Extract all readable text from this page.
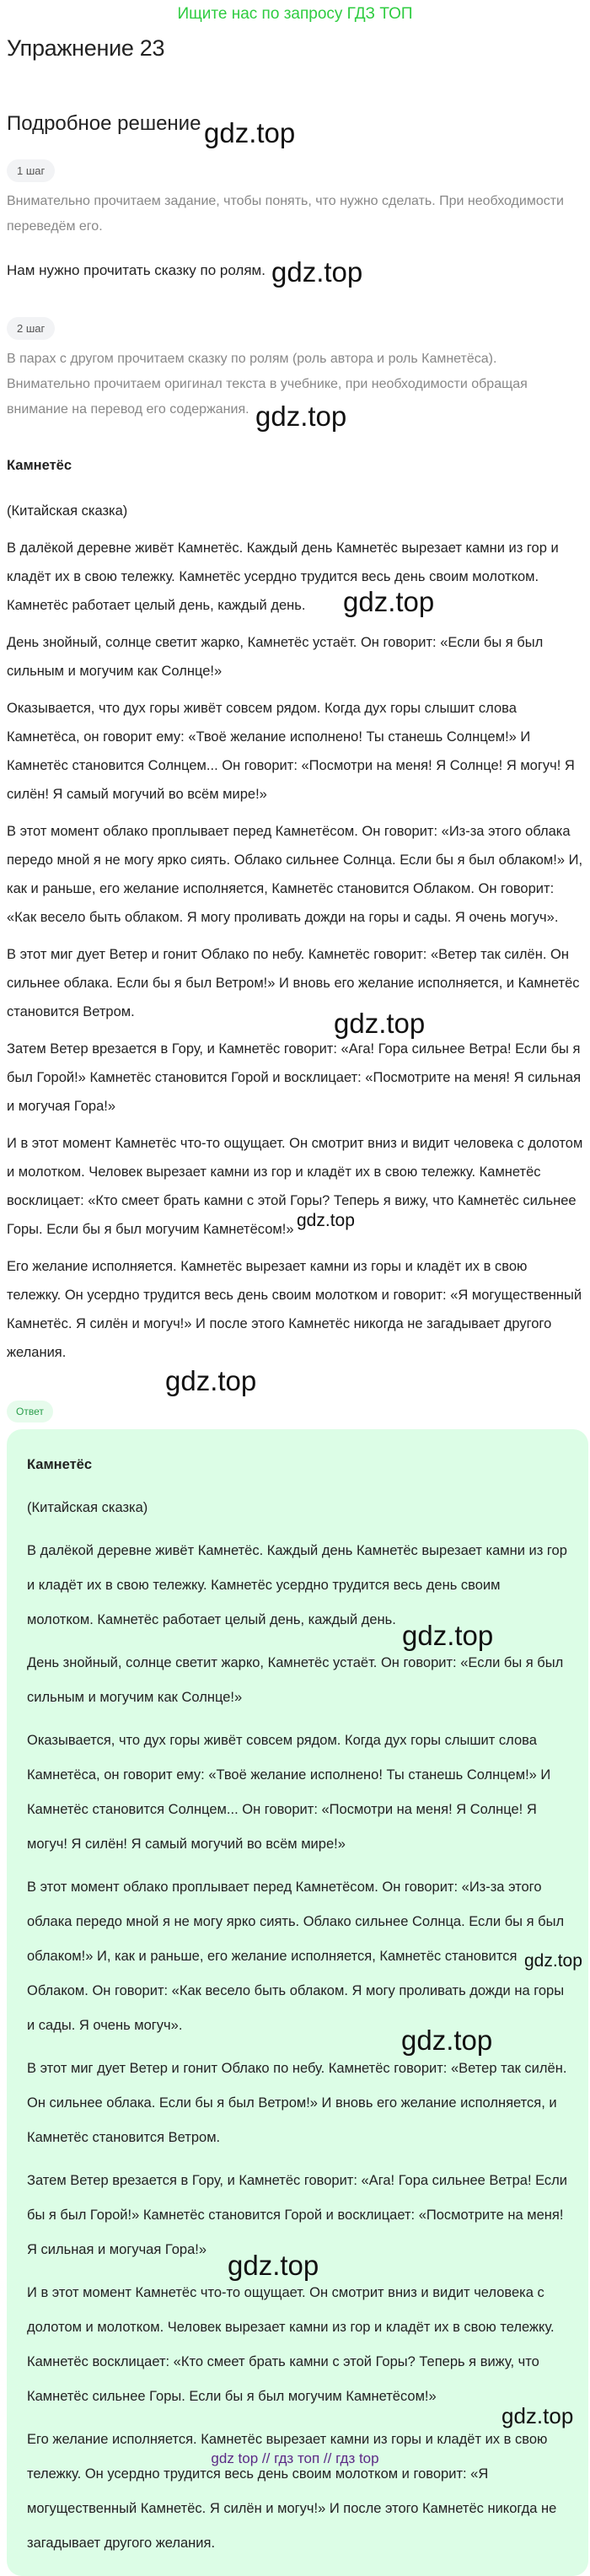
Ищите нас по запросу ГДЗ ТОП
Упражнение 23
Подробное решение
1 шаг
Внимательно прочитаем задание, чтобы понять, что нужно сделать. При необходимости переведём его.
Нам нужно прочитать сказку по ролям.
2 шаг
В парах с другом прочитаем сказку по ролям (роль автора и роль Камнетёса). Внимательно прочитаем оригинал текста в учебнике, при необходимости обращая внимание на перевод его содержания.

Камнетёс

(Китайская сказка)

В далёкой деревне живёт Камнетёс. Каждый день Камнетёс вырезает камни из гор и кладёт их в свою тележку. Камнетёс усердно трудится весь день своим молотком. Камнетёс работает целый день, каждый день.

День знойный, солнце светит жарко, Камнетёс устаёт. Он говорит: «Если бы я был сильным и могучим как Солнце!»

Оказывается, что дух горы живёт совсем рядом. Когда дух горы слышит слова Камнетёса, он говорит ему: «Твоё желание исполнено! Ты станешь Солнцем!» И Камнетёс становится Солнцем... Он говорит: «Посмотри на меня! Я Солнце! Я могуч! Я силён! Я самый могучий во всём мире!»

В этот момент облако проплывает перед Камнетёсом. Он говорит: «Из-за этого облака передо мной я не могу ярко сиять. Облако сильнее Солнца. Если бы я был облаком!» И, как и раньше, его желание исполняется, Камнетёс становится Облаком. Он говорит: «Как весело быть облаком. Я могу проливать дожди на горы и сады. Я очень могуч».

В этот миг дует Ветер и гонит Облако по небу. Камнетёс говорит: «Ветер так силён. Он сильнее облака. Если бы я был Ветром!» И вновь его желание исполняется, и Камнетёс становится Ветром.

Затем Ветер врезается в Гору, и Камнетёс говорит: «Ага! Гора сильнее Ветра! Если бы я был Горой!» Камнетёс становится Горой и восклицает: «Посмотрите на меня! Я сильная и могучая Гора!»

И в этот момент Камнетёс что-то ощущает. Он смотрит вниз и видит человека с долотом и молотком. Человек вырезает камни из гор и кладёт их в свою тележку. Камнетёс восклицает: «Кто смеет брать камни с этой Горы? Теперь я вижу, что Камнетёс сильнее Горы. Если бы я был могучим Камнетёсом!»

Его желание исполняется. Камнетёс вырезает камни из горы и кладёт их в свою тележку. Он усердно трудится весь день своим молотком и говорит: «Я могущественный Камнетёс. Я силён и могуч!» И после этого Камнетёс никогда не загадывает другого желания.

Ответ

Камнетёс

(Китайская сказка)

В далёкой деревне живёт Камнетёс. Каждый день Камнетёс вырезает камни из гор и кладёт их в свою тележку. Камнетёс усердно трудится весь день своим молотком. Камнетёс работает целый день, каждый день.

День знойный, солнце светит жарко, Камнетёс устаёт. Он говорит: «Если бы я был сильным и могучим как Солнце!»

Оказывается, что дух горы живёт совсем рядом. Когда дух горы слышит слова Камнетёса, он говорит ему: «Твоё желание исполнено! Ты станешь Солнцем!» И Камнетёс становится Солнцем... Он говорит: «Посмотри на меня! Я Солнце! Я могуч! Я силён! Я самый могучий во всём мире!»

В этот момент облако проплывает перед Камнетёсом. Он говорит: «Из-за этого облака передо мной я не могу ярко сиять. Облако сильнее Солнца. Если бы я был облаком!» И, как и раньше, его желание исполняется, Камнетёс становится Облаком. Он говорит: «Как весело быть облаком. Я могу проливать дожди на горы и сады. Я очень могуч».

В этот миг дует Ветер и гонит Облако по небу. Камнетёс говорит: «Ветер так силён. Он сильнее облака. Если бы я был Ветром!» И вновь его желание исполняется, и Камнетёс становится Ветром.

Затем Ветер врезается в Гору, и Камнетёс говорит: «Ага! Гора сильнее Ветра! Если бы я был Горой!» Камнетёс становится Горой и восклицает: «Посмотрите на меня! Я сильная и могучая Гора!»

И в этот момент Камнетёс что-то ощущает. Он смотрит вниз и видит человека с долотом и молотком. Человек вырезает камни из гор и кладёт их в свою тележку. Камнетёс восклицает: «Кто смеет брать камни с этой Горы? Теперь я вижу, что Камнетёс сильнее Горы. Если бы я был могучим Камнетёсом!»

Его желание исполняется. Камнетёс вырезает камни из горы и кладёт их в свою тележку. Он усердно трудится весь день своим молотком и говорит: «Я могущественный Камнетёс. Я силён и могуч!» И после этого Камнетёс никогда не загадывает другого желания.

gdz top // гдз топ // гдз top
gdz.top
gdz.top
gdz.top
gdz.top
gdz.top
gdz.top
gdz.top
gdz.top
gdz.top
gdz.top
gdz.top
gdz.top
